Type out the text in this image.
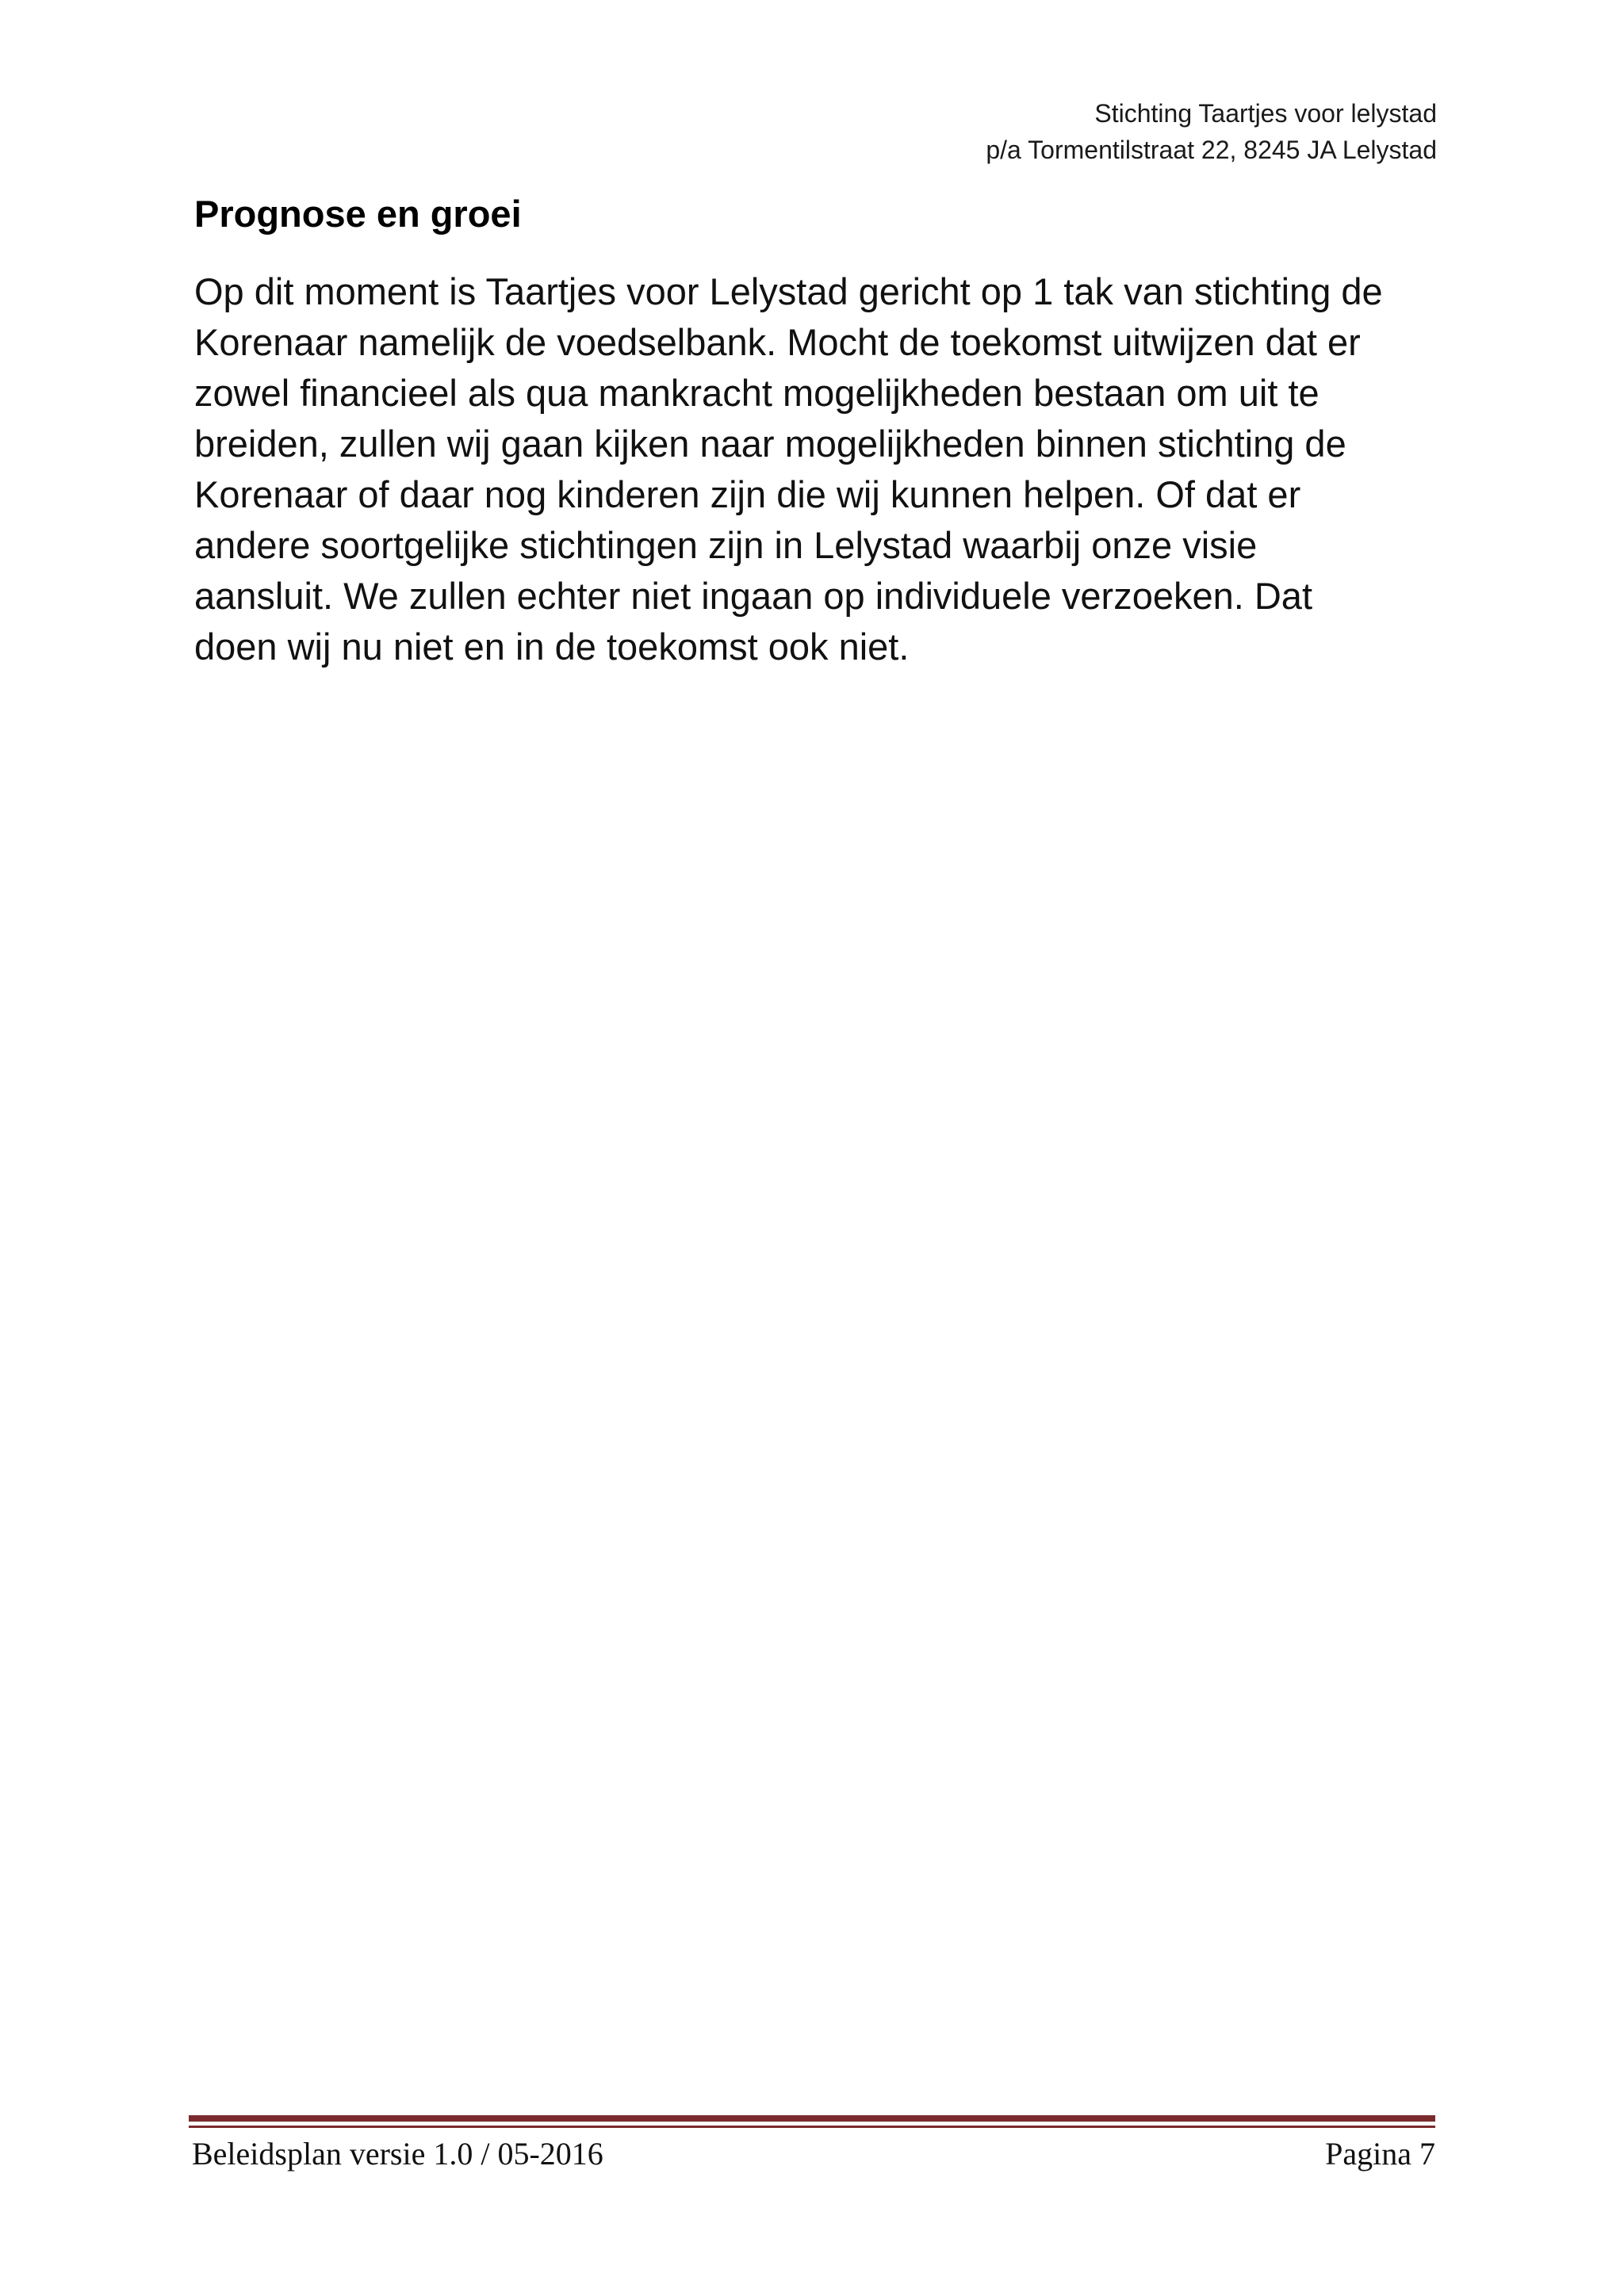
Stichting Taartjes voor lelystad
p/a Tormentilstraat 22, 8245 JA Lelystad
Prognose en groei
Op dit moment is Taartjes voor Lelystad gericht op 1 tak van stichting de
Korenaar namelijk de voedselbank. Mocht de toekomst uitwijzen dat er
zowel financieel als qua mankracht mogelijkheden bestaan om uit te
breiden, zullen wij gaan kijken naar mogelijkheden binnen stichting de
Korenaar of daar nog kinderen zijn die wij kunnen helpen. Of dat er
andere soortgelijke stichtingen zijn in Lelystad waarbij onze visie
aansluit. We zullen echter niet ingaan op individuele verzoeken. Dat
doen wij nu niet en in de toekomst ook niet.
Beleidsplan versie 1.0 / 05-2016	Pagina 7
